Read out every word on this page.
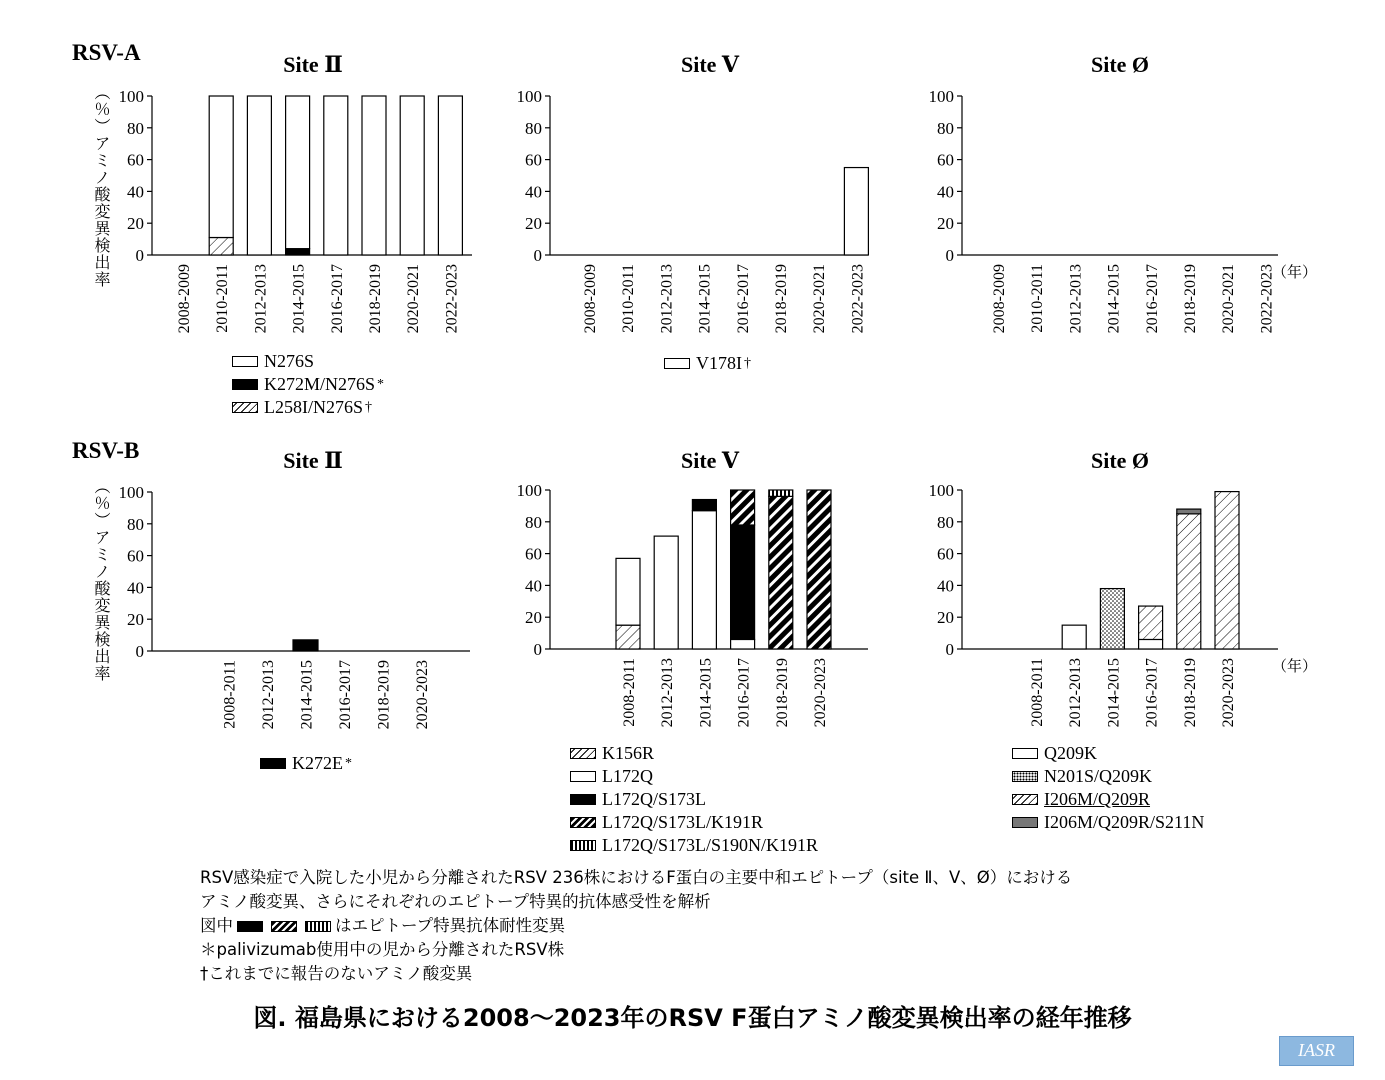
0
20
40
60
80
100
2008-2009 2010-2011 2012-2013 2014-2015 2016-2017 2018-2019 2020-2021 2022-2023
0
20
40
60
80
100
2008-2009 2010-2011 2012-2013 2014-2015 2016-2017 2018-2019 2020-2021 2022-2023
0
20
40
60
80
100
2008-2009 2010-2011 2012-2013 2014-2015 2016-2017 2018-2019 2020-2021 2022-2023
0
20
40
60
80
100
2008-2011 2012-2013 2014-2015 2016-2017 2018-2019 2020-2023
0
20
40
60
80
100
2008-2011 2012-2013 2014-2015 2016-2017 2018-2019 2020-2023
0
20
40
60
80
100
2008-2011 2012-2013 2014-2015 2016-2017 2018-2019 2020-2023
RSV-A
RSV-B
（％）アミノ酸変異検出率
（％）アミノ酸変異検出率
（年）
（年）
RSV感染症で入院した小児から分離されたRSV 236株におけるF蛋白の主要中和エピトープ（site Ⅱ、Ⅴ、Ø）における
アミノ酸変異、さらにそれぞれのエピトープ特異的抗体感受性を解析
図中	はエピトープ特異抗体耐性変異
＊palivizumab使用中の児から分離されたRSV株
†これまでに報告のないアミノ酸変異
図. 福島県における2008〜2023年のRSV F蛋白アミノ酸変異検出率の経年推移
IASR
Site Ⅱ
N276S
K272M/N276S *
L258I/N276S †
Site Ⅴ
V178I †
Site Ø
Site Ⅱ
K272E *
Site Ⅴ
K156R
L172Q
L172Q/S173L
L172Q/S173L/K191R
L172Q/S173L/S190N/K191R
Site Ø
Q209K
N201S/Q209K
I206M/Q209R
I206M/Q209R/S211N
